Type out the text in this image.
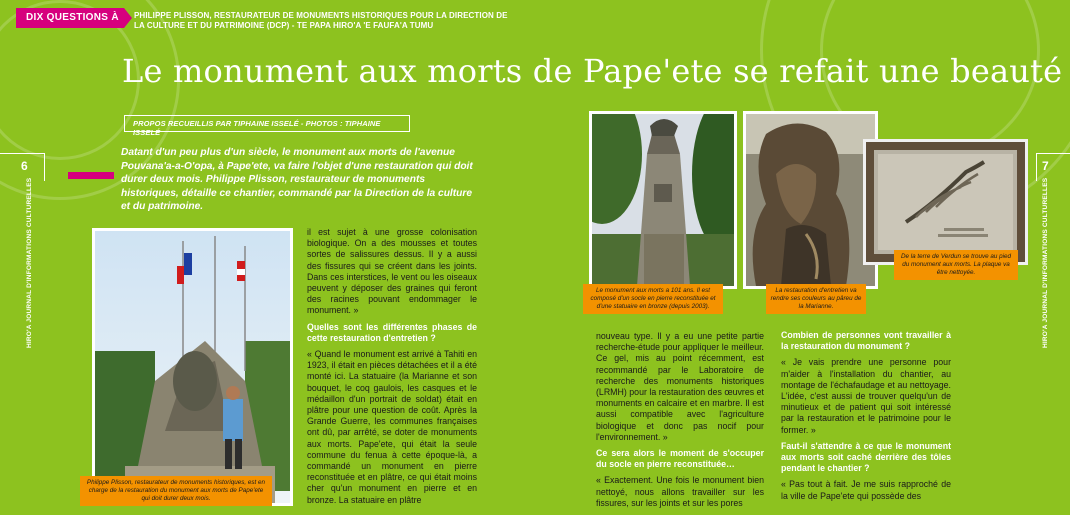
DIX QUESTIONS À	PHILIPPE PLISSON, RESTAURATEUR DE MONUMENTS HISTORIQUES POUR LA DIRECTION DE LA CULTURE ET DU PATRIMOINE (DCP) - TE PAPA HIRO'A 'E FAUFA'A TUMU
Le monument aux morts de Pape'ete se refait une beauté
PROPOS RECUEILLIS PAR TIPHAINE ISSELÉ - PHOTOS : TIPHAINE ISSELÉ
6	7
HIRO'A JOURNAL D'INFORMATIONS CULTURELLES	HIRO'A JOURNAL D'INFORMATIONS CULTURELLES
Datant d'un peu plus d'un siècle, le monument aux morts de l'avenue Pouvana'a-a-O'opa, à Pape'ete, va faire l'objet d'une restauration qui doit durer deux mois. Philippe Plisson, restaurateur de monuments historiques, détaille ce chantier, commandé par la Direction de la culture et du patrimoine.
Philippe Plisson, restaurateur de monuments historiques, est en charge de la restauration du monument aux morts de Pape'ete qui doit durer deux mois.
Le monument aux morts a 101 ans. Il est composé d'un socle en pierre reconstituée et d'une statuaire en bronze (depuis 2003).
La restauration d'entretien va rendre ses couleurs au pâreu de la Marianne.
De la terre de Verdun se trouve au pied du monument aux morts. La plaque va être nettoyée.

il est sujet à une grosse colonisation biologique. On a des mousses et toutes sortes de salissures dessus. Il y a aussi des fissures qui se créent dans les joints. Dans ces interstices, le vent ou les oiseaux peuvent y déposer des graines qui feront des racines pouvant endommager le monument. »

Quelles sont les différentes phases de cette restauration d'entretien ?

« Quand le monument est arrivé à Tahiti en 1923, il était en pièces détachées et il a été monté ici. La statuaire (la Marianne et son bouquet, le coq gaulois, les casques et le médaillon d'un portrait de soldat) était en plâtre pour une question de coût. Après la Grande Guerre, les communes françaises ont dû, par arrêté, se doter de monuments aux morts. Pape'ete, qui était la seule commune du fenua à cette époque-là, a commandé un monument en pierre reconstituée et en plâtre, ce qui était moins cher qu'un monument en pierre et en bronze. La statuaire en plâtre

nouveau type. Il y a eu une petite partie recherche-étude pour appliquer le meilleur. Ce gel, mis au point récemment, est recommandé par le Laboratoire de recherche des monuments historiques (LRMH) pour la restauration des œuvres et monuments en calcaire et en marbre. Il est aussi compatible avec l'agriculture biologique et donc pas nocif pour l'environnement. »

Ce sera alors le moment de s'occuper du socle en pierre reconstituée…

« Exactement. Une fois le monument bien nettoyé, nous allons travailler sur les fissures, sur les joints et sur les pores

Combien de personnes vont travailler à la restauration du monument ?

« Je vais prendre une personne pour m'aider à l'installation du chantier, au montage de l'échafaudage et au nettoyage. L'idée, c'est aussi de trouver quelqu'un de minutieux et de patient qui soit intéressé par la restauration et le patrimoine pour le former. »

Faut-il s'attendre à ce que le monument aux morts soit caché derrière des tôles pendant le chantier ?

« Pas tout à fait. Je me suis rapproché de la ville de Pape'ete qui possède des
